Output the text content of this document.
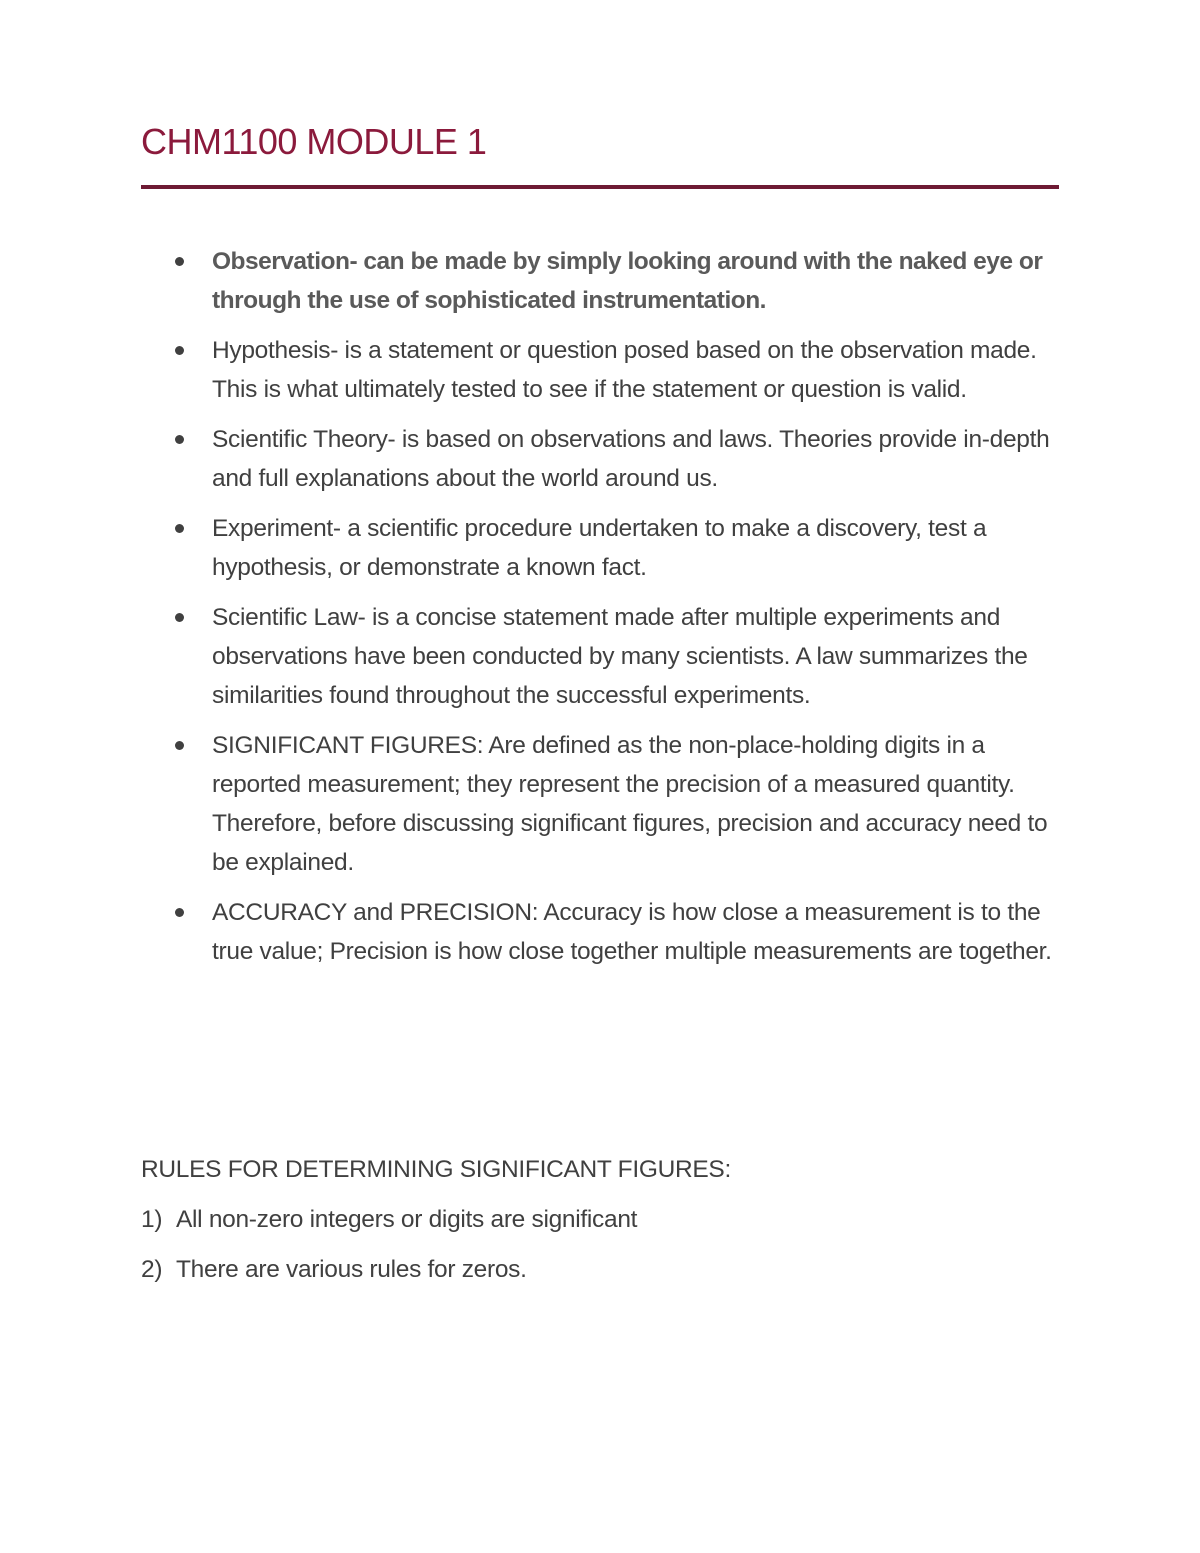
CHM1100 MODULE 1
Observation- can be made by simply looking around with the naked eye or through the use of sophisticated instrumentation.
Hypothesis- is a statement or question posed based on the observation made. This is what ultimately tested to see if the statement or question is valid.
Scientific Theory- is based on observations and laws. Theories provide in-depth and full explanations about the world around us.
Experiment- a scientific procedure undertaken to make a discovery, test a hypothesis, or demonstrate a known fact.
Scientific Law- is a concise statement made after multiple experiments and observations have been conducted by many scientists. A law summarizes the similarities found throughout the successful experiments.
SIGNIFICANT FIGURES: Are defined as the non-place-holding digits in a reported measurement; they represent the precision of a measured quantity. Therefore, before discussing significant figures, precision and accuracy need to be explained.
ACCURACY and PRECISION: Accuracy is how close a measurement is to the true value; Precision is how close together multiple measurements are together.
RULES FOR DETERMINING SIGNIFICANT FIGURES:
1) All non-zero integers or digits are significant
2) There are various rules for zeros.
